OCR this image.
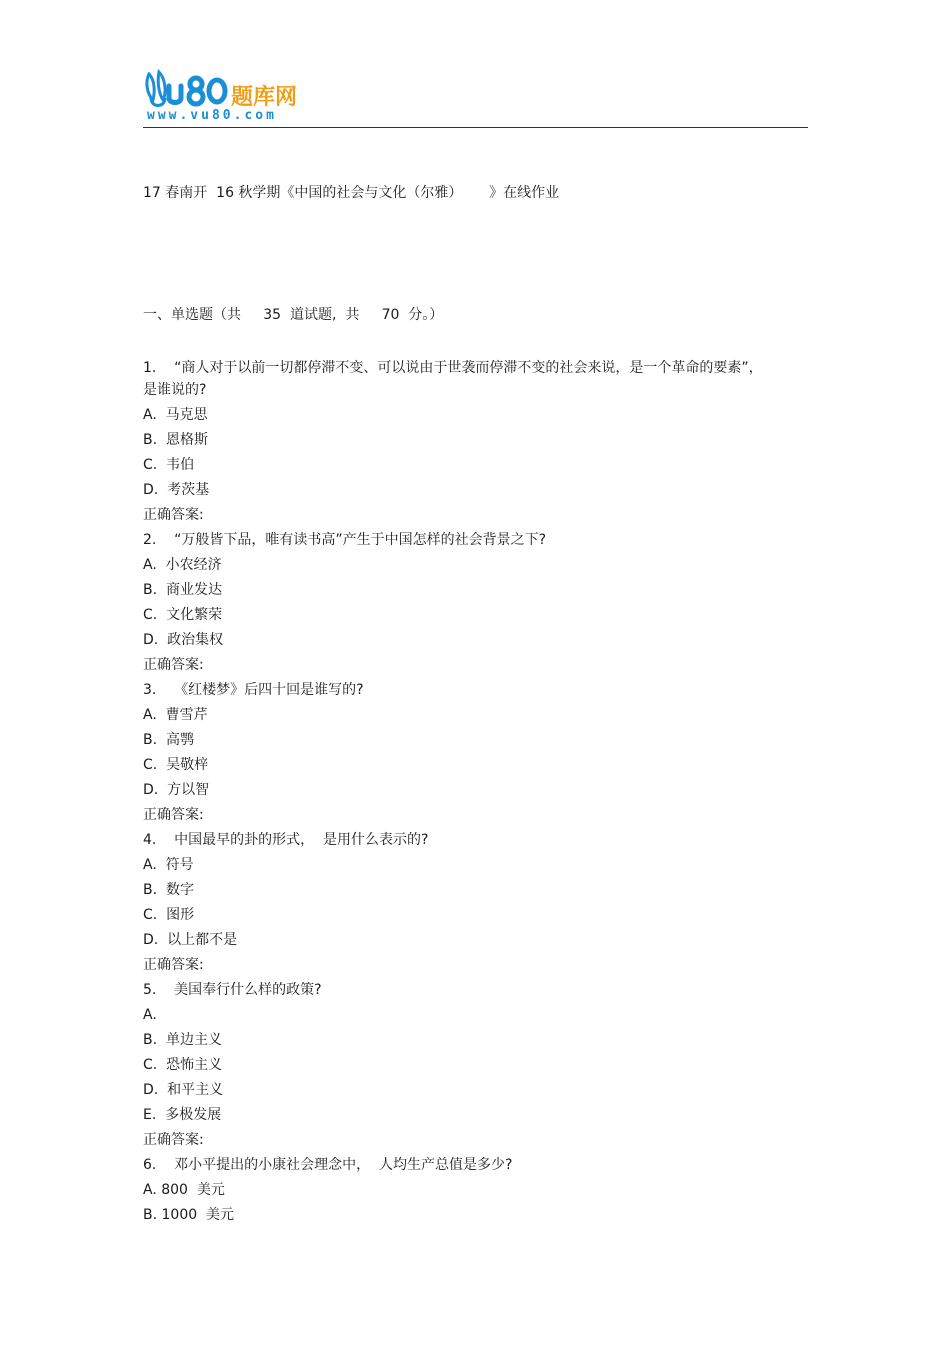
题库网
www.vu80.com
17 春南开  16 秋学期《中国的社会与文化（尔雅）      》在线作业
一、单选题（共     35  道试题,  共     70  分。）
1.    “商人对于以前一切都停滞不变、可以说由于世袭而停滞不变的社会来说，是一个革命的要素”，  是谁说的?
A.  马克思
B.  恩格斯
C.  韦伯
D.  考茨基
正确答案:
2.    “万般皆下品，唯有读书高”产生于中国怎样的社会背景之下?
A.  小农经济
B.  商业发达
C.  文化繁荣
D.  政治集权
正确答案:
3.    《红楼梦》后四十回是谁写的?
A.  曹雪芹
B.  高鹗
C.  吴敬梓
D.  方以智
正确答案:
4.    中国最早的卦的形式，  是用什么表示的?
A.  符号
B.  数字
C.  图形
D.  以上都不是
正确答案:
5.    美国奉行什么样的政策?
A.
B.  单边主义
C.  恐怖主义
D.  和平主义
E.  多极发展
正确答案:
6.    邓小平提出的小康社会理念中，  人均生产总值是多少?
A. 800  美元
B. 1000  美元
